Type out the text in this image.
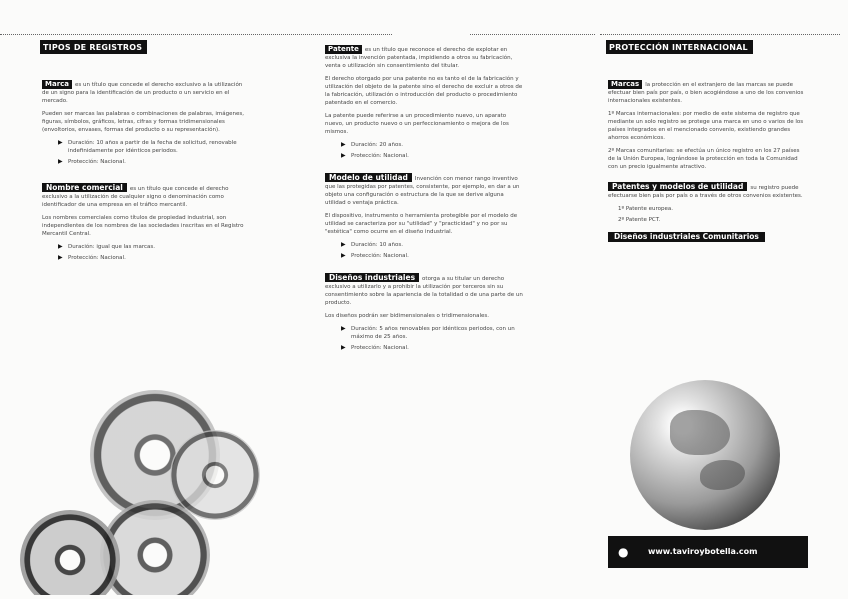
TIPOS DE REGISTROS

Marca es un título que concede el derecho exclusivo a la utilización de un signo para la identificación de un producto o un servicio en el mercado.

Pueden ser marcas las palabras o combinaciones de palabras, imágenes, figuras, símbolos, gráficos, letras, cifras y formas tridimensionales (envoltorios, envases, formas del producto o su representación).

▶ Duración: 10 años a partir de la fecha de solicitud, renovable indefinidamente por idénticos periodos.
▶ Protección: Nacional.

Nombre comercial es un título que concede el derecho exclusivo a la utilización de cualquier signo o denominación como identificador de una empresa en el tráfico mercantil.

Los nombres comerciales como títulos de propiedad industrial, son independientes de los nombres de las sociedades inscritas en el Registro Mercantil Central.

▶ Duración: igual que las marcas.
▶ Protección: Nacional.

Patente es un título que reconoce el derecho de explotar en exclusiva la invención patentada, impidiendo a otros su fabricación, venta o utilización sin consentimiento del titular.

El derecho otorgado por una patente no es tanto el de la fabricación y utilización del objeto de la patente sino el derecho de excluir a otros de la fabricación, utilización o introducción del producto o procedimiento patentado en el comercio.

La patente puede referirse a un procedimiento nuevo, un aparato nuevo, un producto nuevo o un perfeccionamiento o mejora de los mismos.

▶ Duración: 20 años.
▶ Protección: Nacional.

Modelo de utilidad Invención con menor rango inventivo que las protegidas por patentes, consistente, por ejemplo, en dar a un objeto una configuración o estructura de la que se derive alguna utilidad o ventaja práctica.

El dispositivo, instrumento o herramienta protegible por el modelo de utilidad se caracteriza por su "utilidad" y "practicidad" y no por su "estética" como ocurre en el diseño industrial.

▶ Duración: 10 años.
▶ Protección: Nacional.

Diseños industriales otorga a su titular un derecho exclusivo a utilizarlo y a prohibir la utilización por terceros sin su consentimiento sobre la apariencia de la totalidad o de una parte de un producto.

Los diseños podrán ser bidimensionales o tridimensionales.

▶ Duración: 5 años renovables por idénticos periodos, con un máximo de 25 años.
▶ Protección: Nacional.
PROTECCIÓN INTERNACIONAL

Marcas la protección en el extranjero de las marcas se puede efectuar bien país por país, o bien acogiéndose a uno de los convenios internacionales existentes.

1º Marcas internacionales: por medio de este sistema de registro que mediante un solo registro se protege una marca en uno o varios de los países integrados en el mencionado convenio, existiendo grandes ahorros económicos.

2º Marcas comunitarias: se efectúa un único registro en los 27 países de la Unión Europea, lográndose la protección en toda la Comunidad con un precio igualmente atractivo.

Patentes y modelos de utilidad su registro puede efectuarse bien país por país o a través de otros convenios existentes.

1º Patente europea.
2º Patente PCT.
Diseños industriales Comunitarios
● www.taviroybotella.com
